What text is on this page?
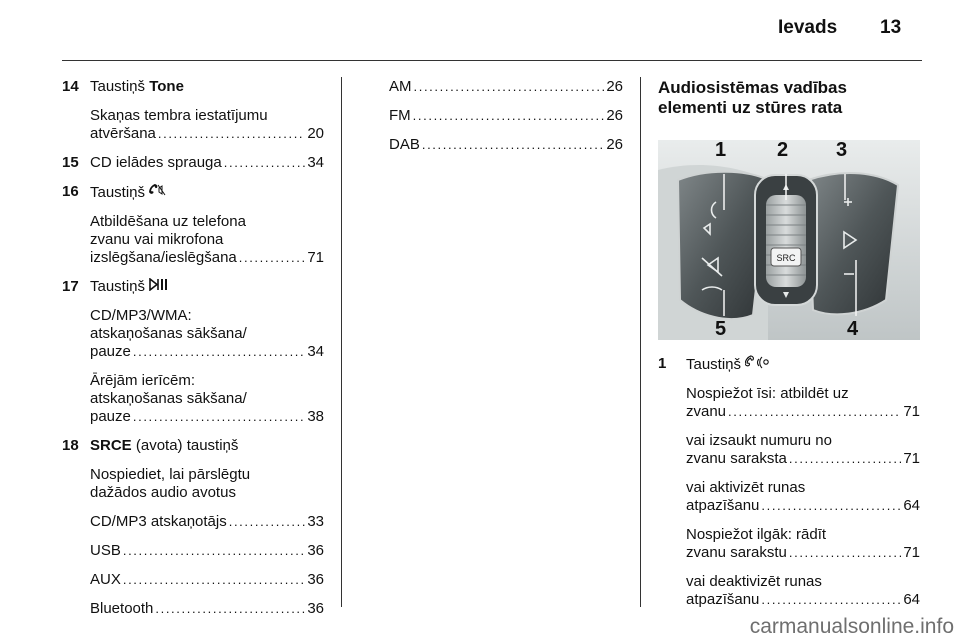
Ievads 13
14 Taustiņš Tone
Skaņas tembra iestatījumu
atvēršana . . .	20
15 CD ielādes sprauga . . .	34
16 Taustiņš
Atbildēšana uz telefona
zvanu vai mikrofona
izslēgšana/ieslēgšana . . .	71
17 Taustiņš
CD/MP3/WMA:
atskaņošanas sākšana/
pauze . . .	34
Ārējām ierīcēm:
atskaņošanas sākšana/
pauze . . .	38
18 SRCE (avota) taustiņš
Nospiediet, lai pārslēgtu
dažādos audio avotus
CD/MP3 atskaņotājs . . .	33
USB . . .	36
AUX . . .	36
Bluetooth . . .	36
AM . . .	26
FM . . .	26
DAB . . .	26
Audiosistēmas vadības
elementi uz stūres rata
SRC
1	2 3
5	4
1 Taustiņš
Nospiežot īsi: atbildēt uz
zvanu . . .	71
vai izsaukt numuru no
zvanu saraksta . . .	71
vai aktivizēt runas
atpazīšanu . . .	64
Nospiežot ilgāk: rādīt
zvanu sarakstu . . .	71
vai deaktivizēt runas
atpazīšanu . . .	64
carmanualsonline.info
